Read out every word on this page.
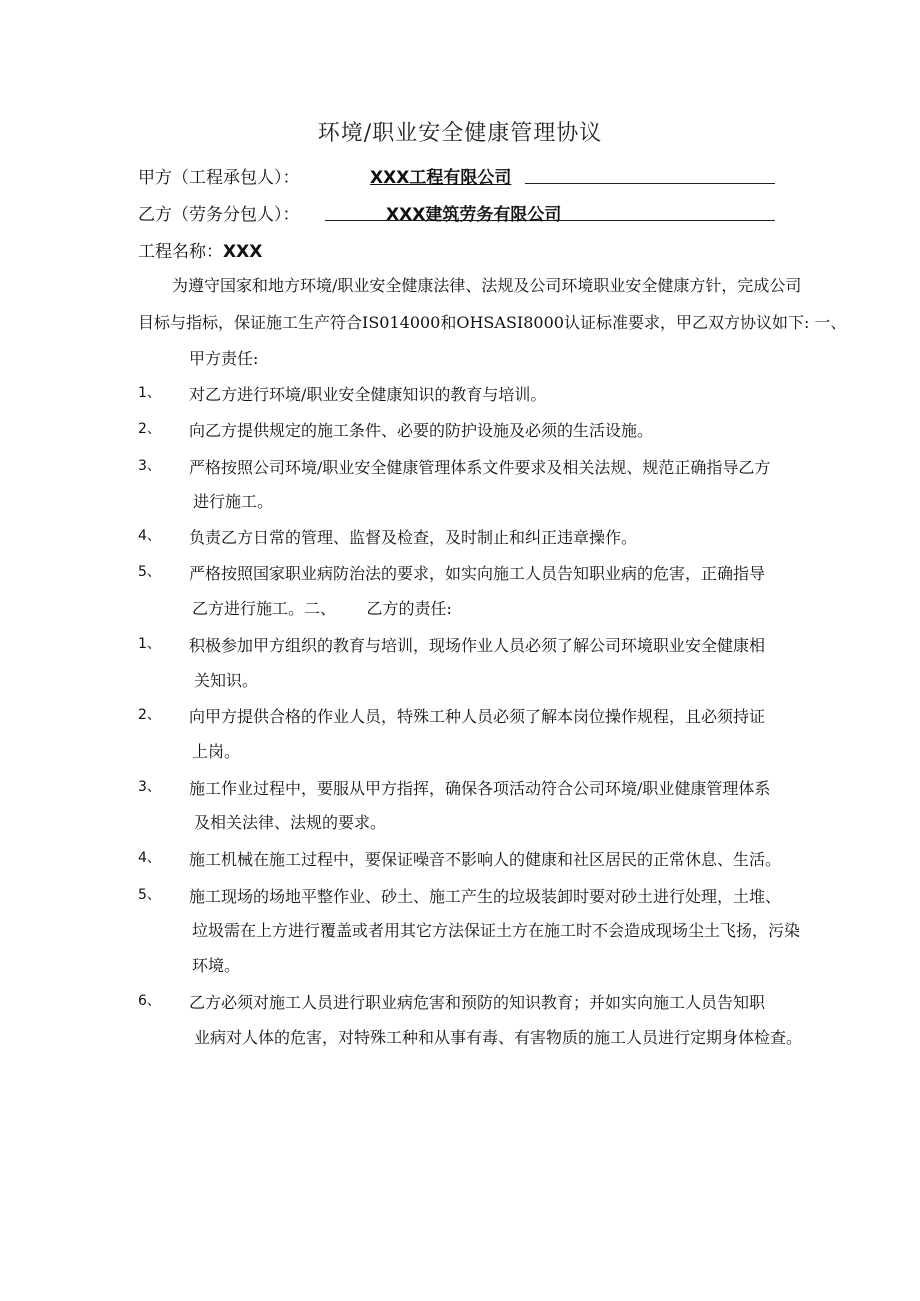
环境/职业安全健康管理协议
甲方（工程承包人）：	XXX工程有限公司
乙方（劳务分包人）：	XXX建筑劳务有限公司
工程名称：XXX
为遵守国家和地方环境/职业安全健康法律、法规及公司环境职业安全健康方针，完成公司
目标与指标，保证施工生产符合IS014000和OHSASI8000认证标准要求，甲乙双方协议如下: 一、
甲方责任:
1、 对乙方进行环境/职业安全健康知识的教育与培训。
2、 向乙方提供规定的施工条件、必要的防护设施及必须的生活设施。
3、 严格按照公司环境/职业安全健康管理体系文件要求及相关法规、规范正确指导乙方
进行施工。
4、 负责乙方日常的管理、监督及检查，及时制止和纠正违章操作。
5、 严格按照国家职业病防治法的要求，如实向施工人员告知职业病的危害，正确指导
乙方进行施工。二、      乙方的责任:
1、 积极参加甲方组织的教育与培训，现场作业人员必须了解公司环境职业安全健康相
关知识。
2、 向甲方提供合格的作业人员，特殊工种人员必须了解本岗位操作规程，且必须持证
上岗。
3、 施工作业过程中，要服从甲方指挥，确保各项活动符合公司环境/职业健康管理体系
及相关法律、法规的要求。
4、 施工机械在施工过程中，要保证噪音不影响人的健康和社区居民的正常休息、生活。
5、 施工现场的场地平整作业、砂土、施工产生的垃圾装卸时要对砂土进行处理，土堆、
垃圾需在上方进行覆盖或者用其它方法保证土方在施工时不会造成现场尘土飞扬，污染
环境。
6、 乙方必须对施工人员进行职业病危害和预防的知识教育；并如实向施工人员告知职
业病对人体的危害，对特殊工种和从事有毒、有害物质的施工人员进行定期身体检查。
